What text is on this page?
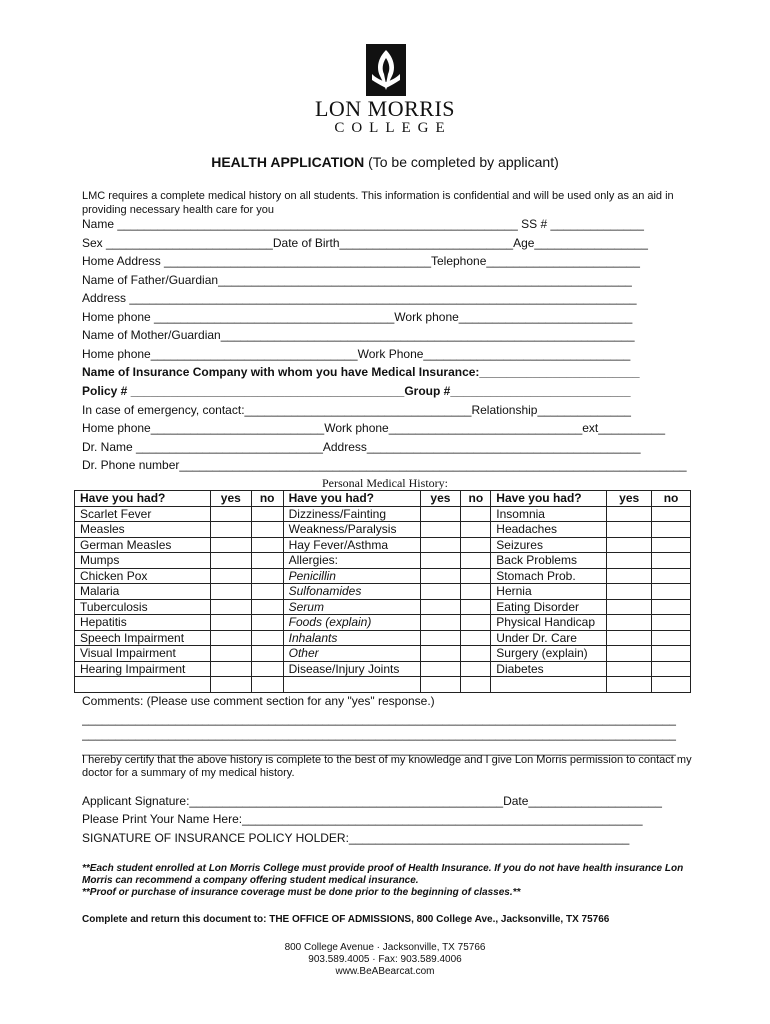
LON MORRIS
COLLEGE
HEALTH APPLICATION (To be completed by applicant)
LMC requires a complete medical history on all students. This information is confidential and will be used only as an aid in providing necessary health care for you
Name ____________________________________________________________ SS # ______________
Sex _________________________Date of Birth__________________________Age_________________
Home Address ________________________________________Telephone_______________________
Name of Father/Guardian______________________________________________________________
Address ____________________________________________________________________________
Home phone ____________________________________Work phone__________________________
Name of Mother/Guardian______________________________________________________________
Home phone_______________________________Work Phone_______________________________
Name of Insurance Company with whom you have Medical Insurance:________________________
Policy # _________________________________________Group #___________________________
In case of emergency, contact:__________________________________Relationship______________
Home phone__________________________Work phone_____________________________ext__________
Dr. Name ____________________________Address_________________________________________
Dr. Phone number____________________________________________________________________________
Personal Medical History:
Have you had?	yes	no	Have you had?	yes	no	Have you had?	yes	no
Scarlet Fever			Dizziness/Fainting			Insomnia		
Measles			Weakness/Paralysis			Headaches		
German Measles			Hay Fever/Asthma			Seizures		
Mumps			Allergies:			Back Problems		
Chicken Pox			Penicillin			Stomach Prob.		
Malaria			Sulfonamides			Hernia		
Tuberculosis			Serum			Eating Disorder		
Hepatitis			Foods (explain)			Physical Handicap		
Speech Impairment			Inhalants			Under Dr. Care		
Visual Impairment			Other			Surgery (explain)		
Hearing Impairment			Disease/Injury Joints			Diabetes		

Comments: (Please use comment section for any "yes" response.)
_________________________________________________________________________________________
_________________________________________________________________________________________
_________________________________________________________________________________________
I hereby certify that the above history is complete to the best of my knowledge and I give Lon Morris permission to contact my doctor for a summary of my medical history.
Applicant Signature:_______________________________________________Date____________________
Please Print Your Name Here:____________________________________________________________
SIGNATURE OF INSURANCE POLICY HOLDER:__________________________________________
**Each student enrolled at Lon Morris College must provide proof of Health Insurance. If you do not have health insurance Lon Morris can recommend a company offering student medical insurance.
**Proof or purchase of insurance coverage must be done prior to the beginning of classes.**
Complete and return this document to: THE OFFICE OF ADMISSIONS, 800 College Ave., Jacksonville, TX 75766
800 College Avenue · Jacksonville, TX 75766
903.589.4005 · Fax: 903.589.4006
www.BeABearcat.com
